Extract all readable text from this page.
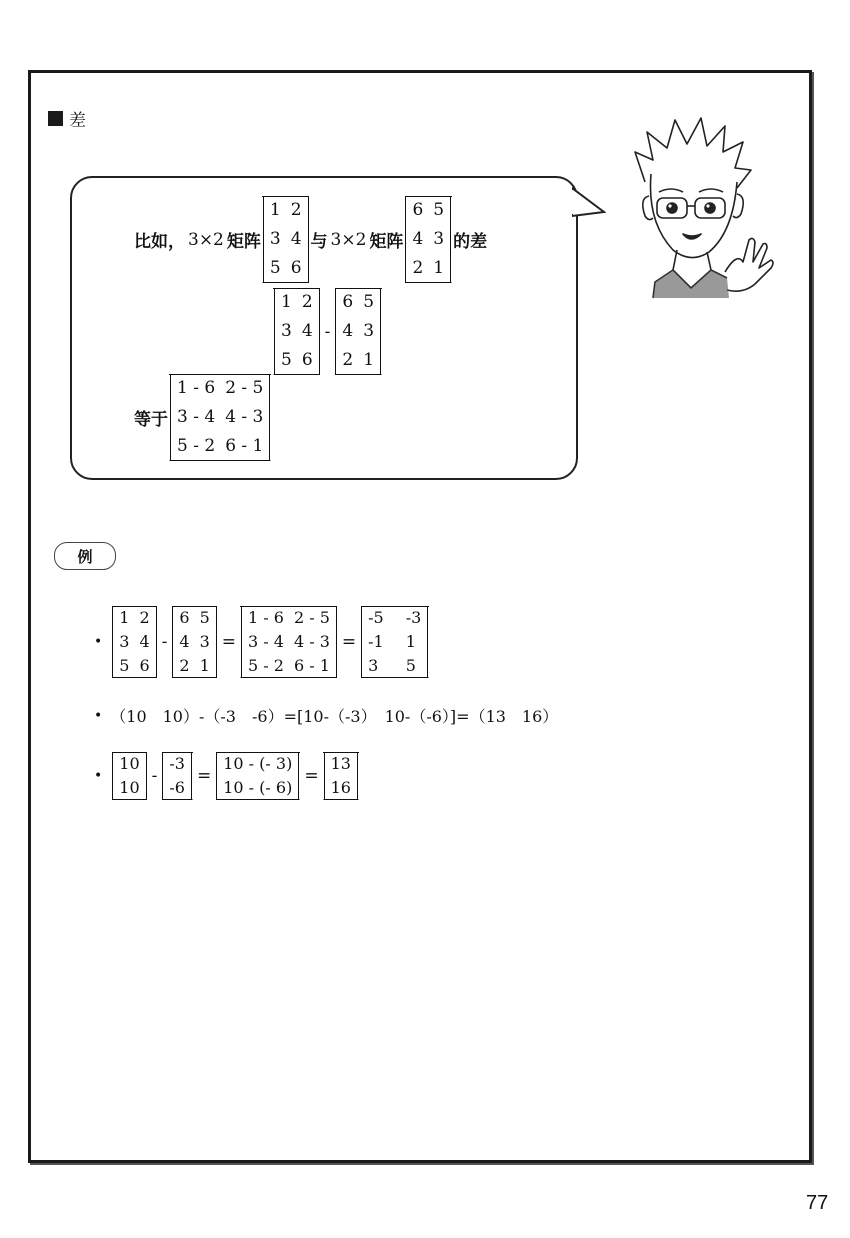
差
比如， 3×2 矩阵
1 2
3 4
5 6
与 3×2 矩阵
6 5
4 3
2 1
的差
1 2
3 4
5 6
-
6 5
4 3
2 1
等于
1 - 6 2 - 5
3 - 4 4 - 3
5 - 2 6 - 1
例
•
1 2
3 4
5 6
-
6 5
4 3
2 1
=
1 - 6 2 - 5
3 - 4 4 - 3
5 - 2 6 - 1
=
-5 -3
-1 1
3	5
• （10　10）-（-3　-6）=[10-（-3）　10-（-6）]=（13　16）
•
10
10
-
-3
-6
=
10 - (- 3)
10 - (- 6)
=
13
16
77
